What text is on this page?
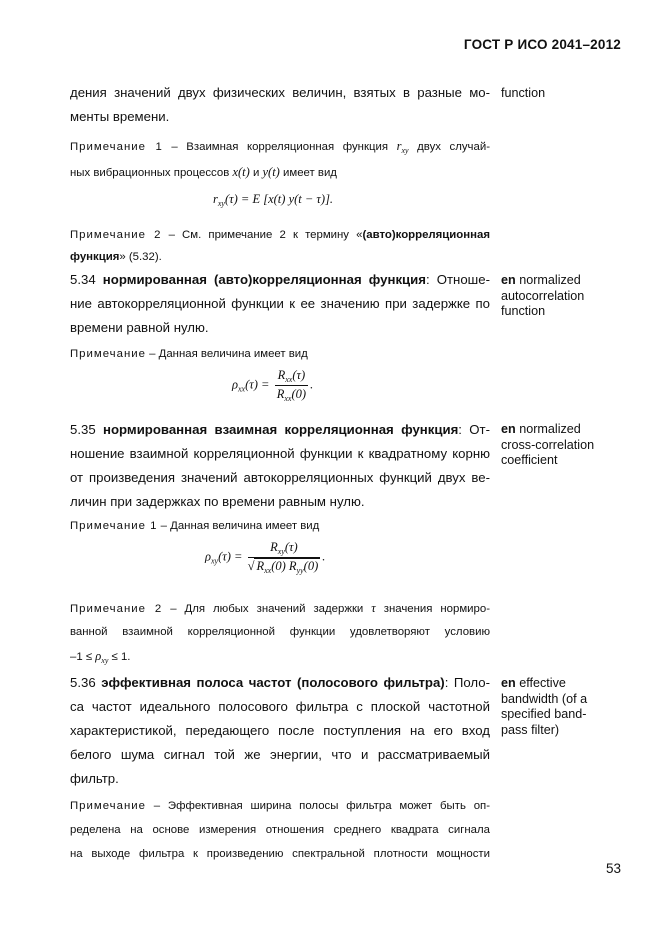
ГОСТ Р ИСО 2041–2012
дения значений двух физических величин, взятых в разные мо-
менты времени.
function
Примечание 1 – Взаимная корреляционная функция $r_{xy}$ двух случай-
ных вибрационных процессов x(t) и y(t) имеет вид
$r_{xy}(\tau) = E$ [x(t) y(t − τ)].
Примечание 2 – См. примечание 2 к термину «(авто)корреляционная
функция» (5.32).
5.34 нормированная (авто)корреляционная функция: Отноше-
ние автокорреляционной функции к ее значению при задержке по
времени равной нулю.
en normalized autocorrelation function
Примечание – Данная величина имеет вид
$\rho_{xx}(\tau) = \frac{R_{xx}(\tau)}{R_{xx}(0)}$ .
5.35 нормированная взаимная корреляционная функция: От-
ношение взаимной корреляционной функции к квадратному корню
от произведения значений автокорреляционных функций двух ве-
личин при задержках по времени равным нулю.
en normalized cross-correlation coefficient
Примечание 1 – Данная величина имеет вид
$\rho_{xy}(\tau) = \frac{R_{xy}(\tau)}{√ R_{xx}(0) R_{yy}(0)}$ .
Примечание 2 – Для любых значений задержки τ значения нормиро-
ванной взаимной корреляционной функции удовлетворяют условию
$-1 \le \rho_{xy} \le 1$.
5.36 эффективная полоса частот (полосового фильтра): Поло-
са частот идеального полосового фильтра с плоской частотной
характеристикой, передающего после поступления на его вход
белого шума сигнал той же энергии, что и рассматриваемый
фильтр.
en effective bandwidth (of a specified band-pass filter)
Примечание – Эффективная ширина полосы фильтра может быть оп-
ределена на основе измерения отношения среднего квадрата сигнала
на выходе фильтра к произведению спектральной плотности мощности
53
